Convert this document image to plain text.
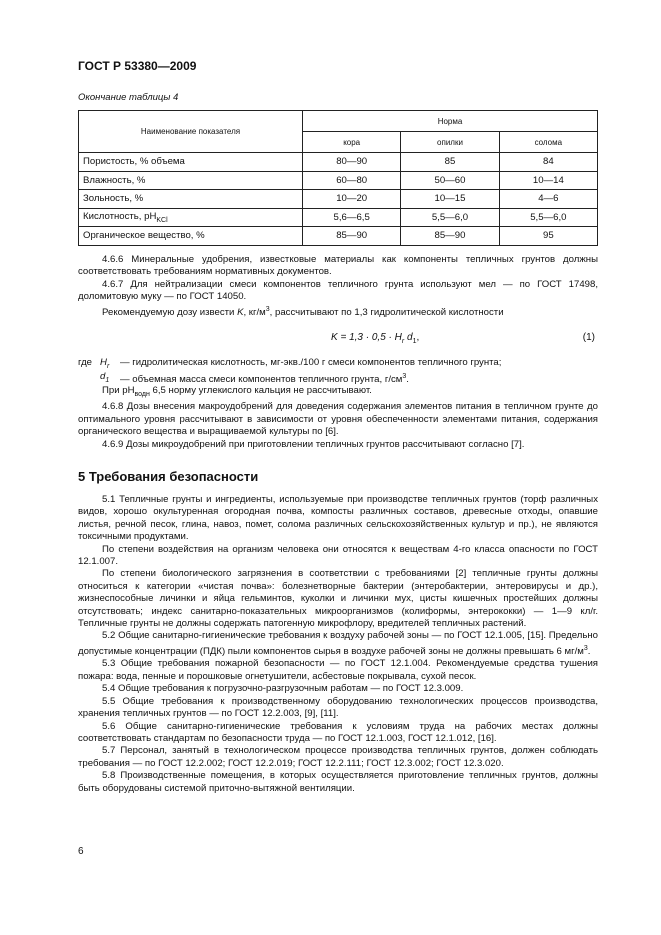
ГОСТ Р 53380—2009
Окончание таблицы 4
Наименование показателя	Норма		
	кора	опилки	солома
Пористость, % объема	80—90	85	84
Влажность, %	60—80	50—60	10—14
Зольность, %	10—20	10—15	4—6
Кислотность, $pH_{KCl}$	5,6—6,5	5,5—6,0	5,5—6,0
Органическое вещество, %	85—90	85—90	95

4.6.6 Минеральные удобрения, известковые материалы как компоненты тепличных грунтов должны соответствовать требованиям нормативных документов.

4.6.7 Для нейтрализации смеси компонентов тепличного грунта используют мел — по ГОСТ 17498, доломитовую муку — по ГОСТ 14050.

Рекомендуемую дозу извести K, $кг/м^3$, рассчитывают по 1,3 гидролитической кислотности

$K = 1,3 \cdot 0,5 \cdot H_r$ $d_1$,	(1)
где $H_r$ — гидролитическая кислотность, мг-экв./100 г смеси компонентов тепличного грунта;
$d_1$ — объемная масса смеси компонентов тепличного грунта, $г/см^3$.

При $pH_{водн}$ 6,5 норму углекислого кальция не рассчитывают.

4.6.8 Дозы внесения макроудобрений для доведения содержания элементов питания в тепличном грунте до оптимального уровня рассчитывают в зависимости от уровня обеспеченности элементами питания, содержания органического вещества и выращиваемой культуры по [6].

4.6.9 Дозы микроудобрений при приготовлении тепличных грунтов рассчитывают согласно [7].

5 Требования безопасности

5.1 Тепличные грунты и ингредиенты, используемые при производстве тепличных грунтов (торф различных видов, хорошо окультуренная огородная почва, компосты различных составов, древесные отходы, опавшие листья, речной песок, глина, навоз, помет, солома различных сельскохозяйственных культур и пр.), не являются токсичными продуктами.

По степени воздействия на организм человека они относятся к веществам 4-го класса опасности по ГОСТ 12.1.007.

По степени биологического загрязнения в соответствии с требованиями [2] тепличные грунты должны относиться к категории «чистая почва»: болезнетворные бактерии (энтеробактерии, энтеровирусы и др.), жизнеспособные личинки и яйца гельминтов, куколки и личинки мух, цисты кишечных простейших должны отсутствовать; индекс санитарно-показательных микроорганизмов (колиформы, энтерококки) — 1—9 кл/г. Тепличные грунты не должны содержать патогенную микрофлору, вредителей тепличных растений.

5.2 Общие санитарно-гигиенические требования к воздуху рабочей зоны — по ГОСТ 12.1.005, [15]. Предельно допустимые концентрации (ПДК) пыли компонентов сырья в воздухе рабочей зоны не должны превышать 6 $мг/м^3$.

5.3 Общие требования пожарной безопасности — по ГОСТ 12.1.004. Рекомендуемые средства тушения пожара: вода, пенные и порошковые огнетушители, асбестовые покрывала, сухой песок.

5.4 Общие требования к погрузочно-разгрузочным работам — по ГОСТ 12.3.009.

5.5 Общие требования к производственному оборудованию технологических процессов производства, хранения тепличных грунтов — по ГОСТ 12.2.003, [9], [11].

5.6 Общие санитарно-гигиенические требования к условиям труда на рабочих местах должны соответствовать стандартам по безопасности труда — по ГОСТ 12.1.003, ГОСТ 12.1.012, [16].

5.7 Персонал, занятый в технологическом процессе производства тепличных грунтов, должен соблюдать требования — по ГОСТ 12.2.002; ГОСТ 12.2.019; ГОСТ 12.2.111; ГОСТ 12.3.002; ГОСТ 12.3.020.

5.8 Производственные помещения, в которых осуществляется приготовление тепличных грунтов, должны быть оборудованы системой приточно-вытяжной вентиляции.

6
